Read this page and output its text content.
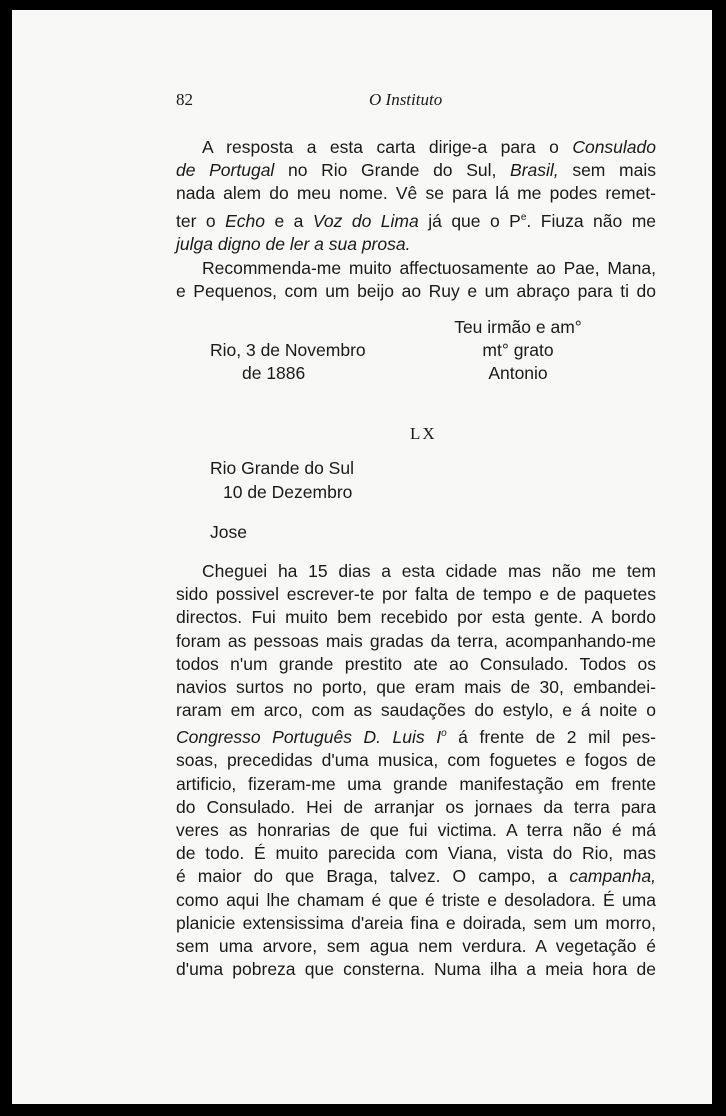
82	O Instituto
A resposta a esta carta dirige-a para o Consulado
de Portugal no Rio Grande do Sul, Brasil, sem mais
nada alem do meu nome. Vê se para lá me podes remet-
ter o Echo e a Voz do Lima já que o $P^e$. Fiuza não me
julga digno de ler a sua prosa.
Recommenda-me muito affectuosamente ao Pae, Mana,
e Pequenos, com um beijo ao Ruy e um abraço para ti do
Teu irmão e am°
mt° grato
Antonio
Rio, 3 de Novembro
de 1886
LX
Rio Grande do Sul
10 de Dezembro
Jose
Cheguei ha 15 dias a esta cidade mas não me tem
sido possivel escrever-te por falta de tempo e de paquetes
directos. Fui muito bem recebido por esta gente. A bordo
foram as pessoas mais gradas da terra, acompanhando-me
todos n'um grande prestito ate ao Consulado. Todos os
navios surtos no porto, que eram mais de 30, embandei-
raram em arco, com as saudações do estylo, e á noite o
Congresso Português D. Luis $I^o$ á frente de 2 mil pes-
soas, precedidas d'uma musica, com foguetes e fogos de
artificio, fizeram-me uma grande manifestação em frente
do Consulado. Hei de arranjar os jornaes da terra para
veres as honrarias de que fui victima. A terra não é má
de todo. É muito parecida com Viana, vista do Rio, mas
é maior do que Braga, talvez. O campo, a campanha,
como aqui lhe chamam é que é triste e desoladora. É uma
planicie extensissima d'areia fina e doirada, sem um morro,
sem uma arvore, sem agua nem verdura. A vegetação é
d'uma pobreza que consterna. Numa ilha a meia hora de
